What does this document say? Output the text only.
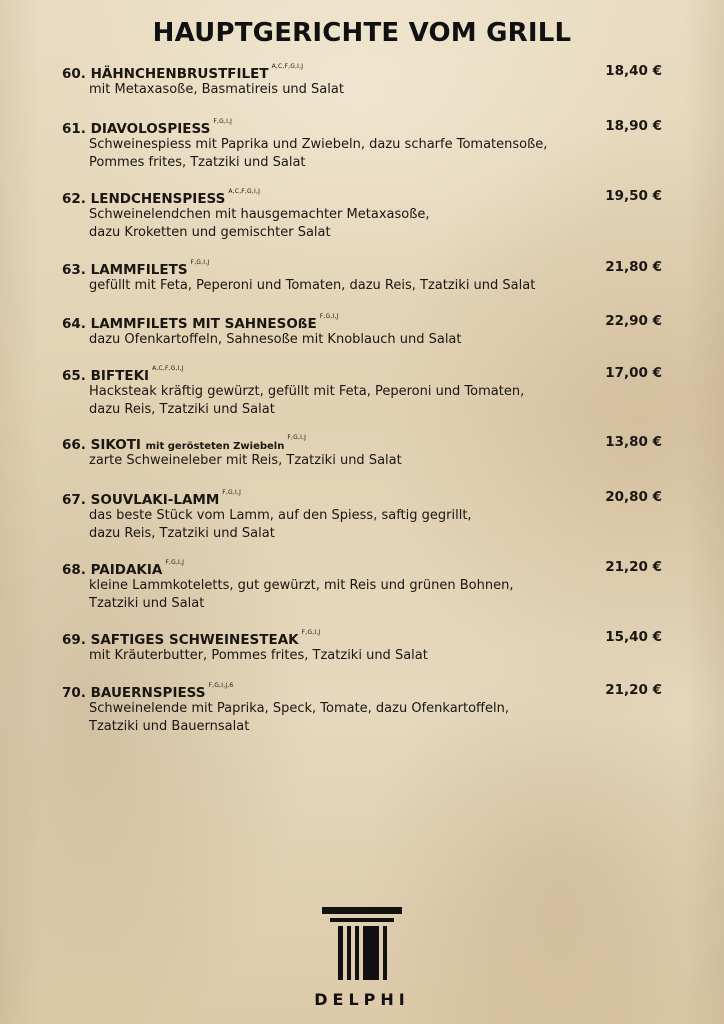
HAUPTGERICHTE VOM GRILL
60. HÄHNCHENBRUSTFILET $^{A,C,F,G,I,J}$	18,40 €
mit Metaxasoße, Basmatireis und Salat
61. DIAVOLOSPIESS $^{F,G,I,J}$	18,90 €
Schweinespiess mit Paprika und Zwiebeln, dazu scharfe Tomatensoße,
Pommes frites, Tzatziki und Salat
62. LENDCHENSPIESS $^{A,C,F,G,I,J}$	19,50 €
Schweinelendchen mit hausgemachter Metaxasoße,
dazu Kroketten und gemischter Salat
63. LAMMFILETS $^{F,G,I,J}$	21,80 €
gefüllt mit Feta, Peperoni und Tomaten, dazu Reis, Tzatziki und Salat
64. LAMMFILETS MIT SAHNESOßE $^{F,G,I,J}$	22,90 €
dazu Ofenkartoffeln, Sahnesoße mit Knoblauch und Salat
65. BIFTEKI $^{A,C,F,G,I,J}$	17,00 €
Hacksteak kräftig gewürzt, gefüllt mit Feta, Peperoni und Tomaten,
dazu Reis, Tzatziki und Salat
66. SIKOTI mit gerösteten Zwiebeln$^{F,G,I,J}$	13,80 €
zarte Schweineleber mit Reis, Tzatziki und Salat
67. SOUVLAKI-LAMM $^{F,G,I,J}$	20,80 €
das beste Stück vom Lamm, auf den Spiess, saftig gegrillt,
dazu Reis, Tzatziki und Salat
68. PAIDAKIA $^{F,G,I,J}$	21,20 €
kleine Lammkoteletts, gut gewürzt, mit Reis und grünen Bohnen,
Tzatziki und Salat
69. SAFTIGES SCHWEINESTEAK $^{F,G,I,J}$	15,40 €
mit Kräuterbutter, Pommes frites, Tzatziki und Salat
70. BAUERNSPIESS $^{F,G,I,J,6}$	21,20 €
Schweinelende mit Paprika, Speck, Tomate, dazu Ofenkartoffeln,
Tzatziki und Bauernsalat
DELPHI
